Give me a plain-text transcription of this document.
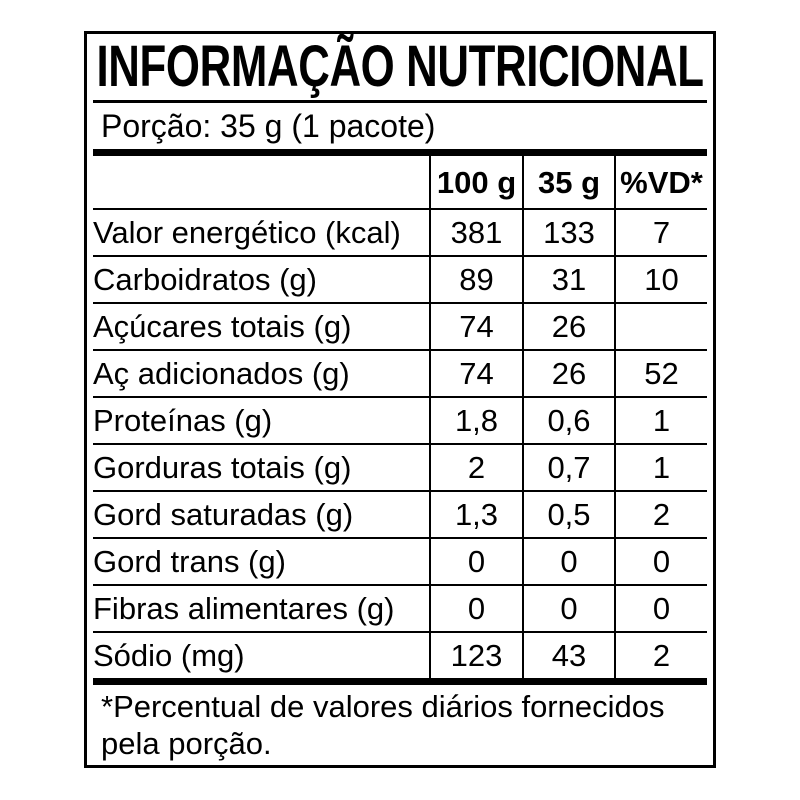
INFORMAÇÃO NUTRICIONAL
Porção: 35 g (1 pacote)
	100 g	35 g	%VD*
Valor energético (kcal)	381	133	7
Carboidratos (g)	89	31	10
Açúcares totais (g)	74	26	
Aç adicionados (g)	74	26	52
Proteínas (g)	1,8	0,6	1
Gorduras totais (g)	2	0,7	1
Gord saturadas (g)	1,3	0,5	2
Gord trans (g)	0	0	0
Fibras alimentares (g)	0	0	0
Sódio (mg)	123	43	2
*Percentual de valores diários fornecidos pela porção.
